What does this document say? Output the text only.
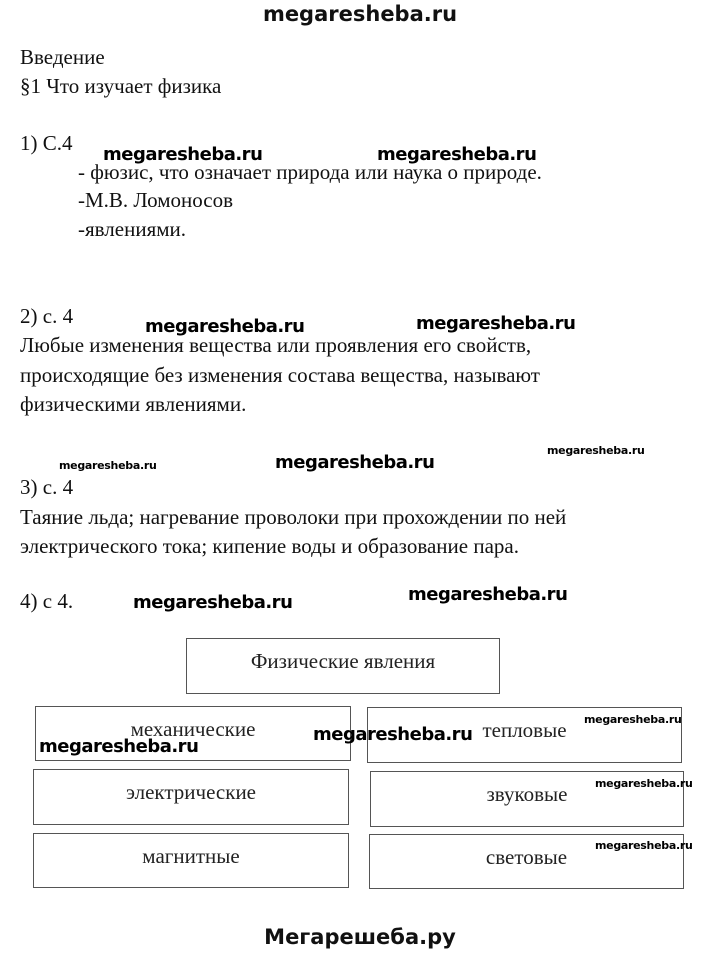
megaresheba.ru
Введение
§1 Что изучает физика
1) С.4
- фюзис, что означает природа или наука о природе.
-М.В. Ломоносов
-явлениями.
2) с. 4
Любые изменения вещества или проявления его свойств,
происходящие без изменения состава вещества, называют
физическими явлениями.
3) с. 4
Таяние льда; нагревание проволоки при прохождении по ней
электрического тока; кипение воды и образование пара.
4) с 4.
Физические явления
механические
электрические
магнитные
тепловые
звуковые
световые
megaresheba.ru	megaresheba.ru
megaresheba.ru	megaresheba.ru
megaresheba.ru	megaresheba.ru
megaresheba.ru
megaresheba.ru	megaresheba.ru
megaresheba.ru
megaresheba.ru
megaresheba.ru
megaresheba.ru
megaresheba.ru
Мегарешеба.ру
